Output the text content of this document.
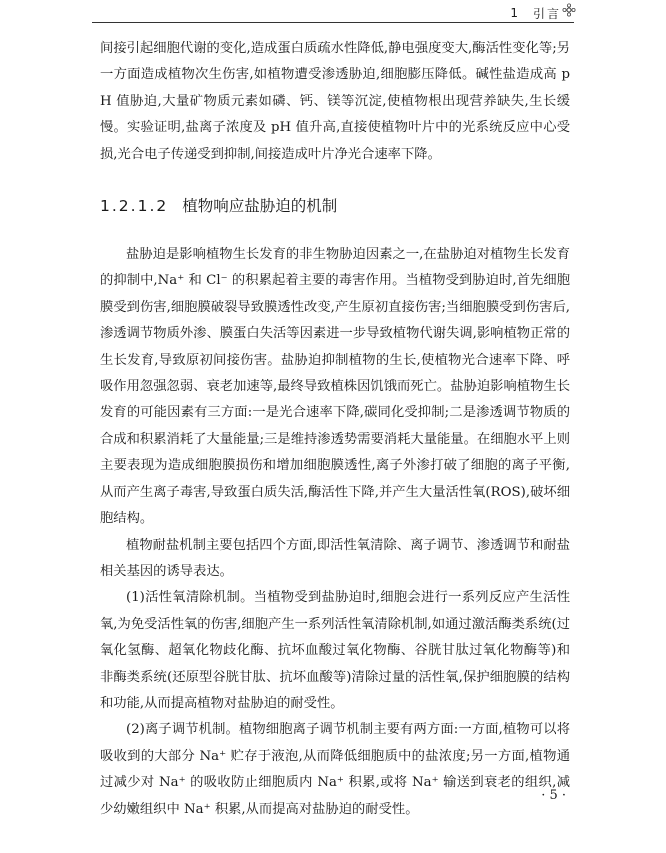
1 引言

间接引起细胞代谢的变化,造成蛋白质疏水性降低,静电强度变大,酶活性变化等;另一方面造成植物次生伤害,如植物遭受渗透胁迫,细胞膨压降低。碱性盐造成高 pH 值胁迫,大量矿物质元素如磷、钙、镁等沉淀,使植物根出现营养缺失,生长缓慢。实验证明,盐离子浓度及 pH 值升高,直接使植物叶片中的光系统反应中心受损,光合电子传递受到抑制,间接造成叶片净光合速率下降。

1.2.1.2 植物响应盐胁迫的机制

盐胁迫是影响植物生长发育的非生物胁迫因素之一,在盐胁迫对植物生长发育的抑制中,Na⁺ 和 Cl⁻ 的积累起着主要的毒害作用。当植物受到胁迫时,首先细胞膜受到伤害,细胞膜破裂导致膜透性改变,产生原初直接伤害;当细胞膜受到伤害后,渗透调节物质外渗、膜蛋白失活等因素进一步导致植物代谢失调,影响植物正常的生长发育,导致原初间接伤害。盐胁迫抑制植物的生长,使植物光合速率下降、呼吸作用忽强忽弱、衰老加速等,最终导致植株因饥饿而死亡。盐胁迫影响植物生长发育的可能因素有三方面:一是光合速率下降,碳同化受抑制;二是渗透调节物质的合成和积累消耗了大量能量;三是维持渗透势需要消耗大量能量。在细胞水平上则主要表现为造成细胞膜损伤和增加细胞膜透性,离子外渗打破了细胞的离子平衡,从而产生离子毒害,导致蛋白质失活,酶活性下降,并产生大量活性氧(ROS),破坏细胞结构。

植物耐盐机制主要包括四个方面,即活性氧清除、离子调节、渗透调节和耐盐相关基因的诱导表达。

(1)活性氧清除机制。当植物受到盐胁迫时,细胞会进行一系列反应产生活性氧,为免受活性氧的伤害,细胞产生一系列活性氧清除机制,如通过激活酶类系统(过氧化氢酶、超氧化物歧化酶、抗坏血酸过氧化物酶、谷胱甘肽过氧化物酶等)和非酶类系统(还原型谷胱甘肽、抗坏血酸等)清除过量的活性氧,保护细胞膜的结构和功能,从而提高植物对盐胁迫的耐受性。

(2)离子调节机制。植物细胞离子调节机制主要有两方面:一方面,植物可以将吸收到的大部分 Na⁺ 贮存于液泡,从而降低细胞质中的盐浓度;另一方面,植物通过减少对 Na⁺ 的吸收防止细胞质内 Na⁺ 积累,或将 Na⁺ 输送到衰老的组织,减少幼嫩组织中 Na⁺ 积累,从而提高对盐胁迫的耐受性。

· 5 ·
